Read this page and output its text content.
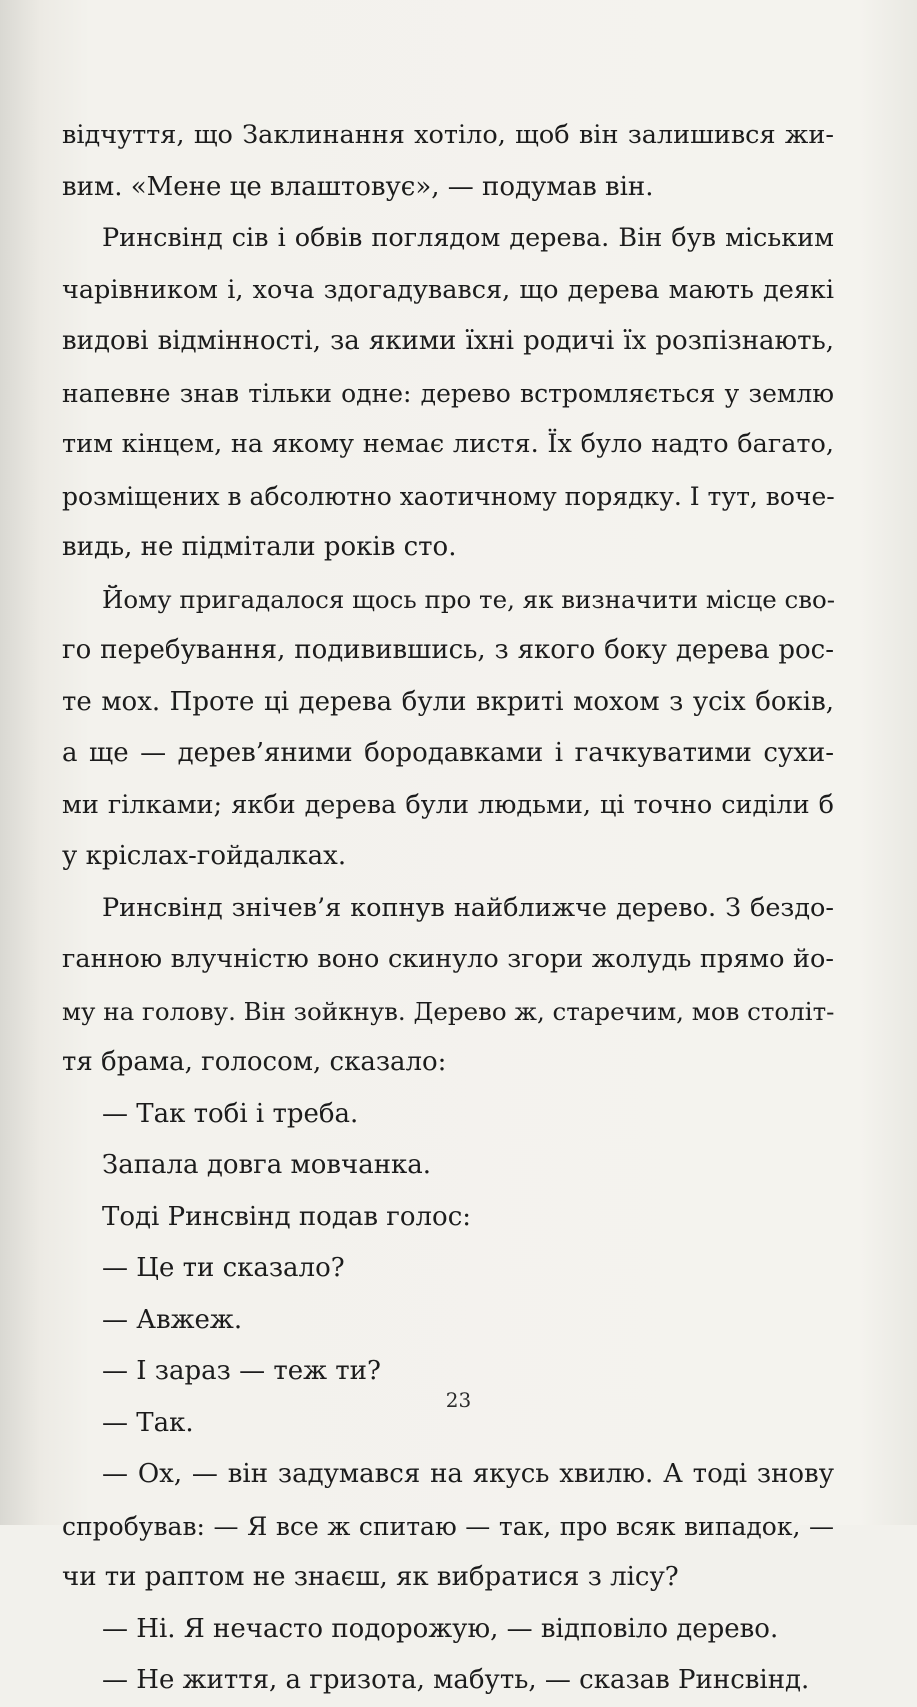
відчуття, що Заклинання хотіло, щоб він залишився жи-
вим. «Мене це влаштовує», — подумав він.
Ринсвінд сів і обвів поглядом дерева. Він був міським
чарівником і, хоча здогадувався, що дерева мають деякі
видові відмінності, за якими їхні родичі їх розпізнають,
напевне знав тільки одне: дерево встромляється у землю
тим кінцем, на якому немає листя. Їх було надто багато,
розміщених в абсолютно хаотичному порядку. І тут, вoче-
видь, не підмітали років сто.
Йому пригадалося щось про те, як визначити місце сво-
го перебування, подивившись, з якого боку дерева рос-
те мох. Проте ці дерева були вкриті мохом з усіх боків,
а ще — дерев’яними бородавками і гачкуватими сухи-
ми гілками; якби дерева були людьми, ці точно сиділи б
у кріслах-гойдалках.
Ринсвінд знічев’я копнув найближче дерево. З бездо-
ганною влучністю воно скинуло згори жолудь прямо йо-
му на голову. Він зойкнув. Дерево ж, старечим, мов століт-
тя брама, голосом, сказало:
— Так тобі і треба.
Запала довга мовчанка.
Тоді Ринсвінд подав голос:
— Це ти сказало?
— Авжеж.
— І зараз — теж ти?
— Так.
— Ох, — він задумався на якусь хвилю. А тоді знову
спробував: — Я все ж спитаю — так, про всяк випадок, —
чи ти раптом не знаєш, як вибратися з лісу?
— Ні. Я нечасто подорожую, — відповіло дерево.
— Не життя, а гризота, мабуть, — сказав Ринсвінд.
23
